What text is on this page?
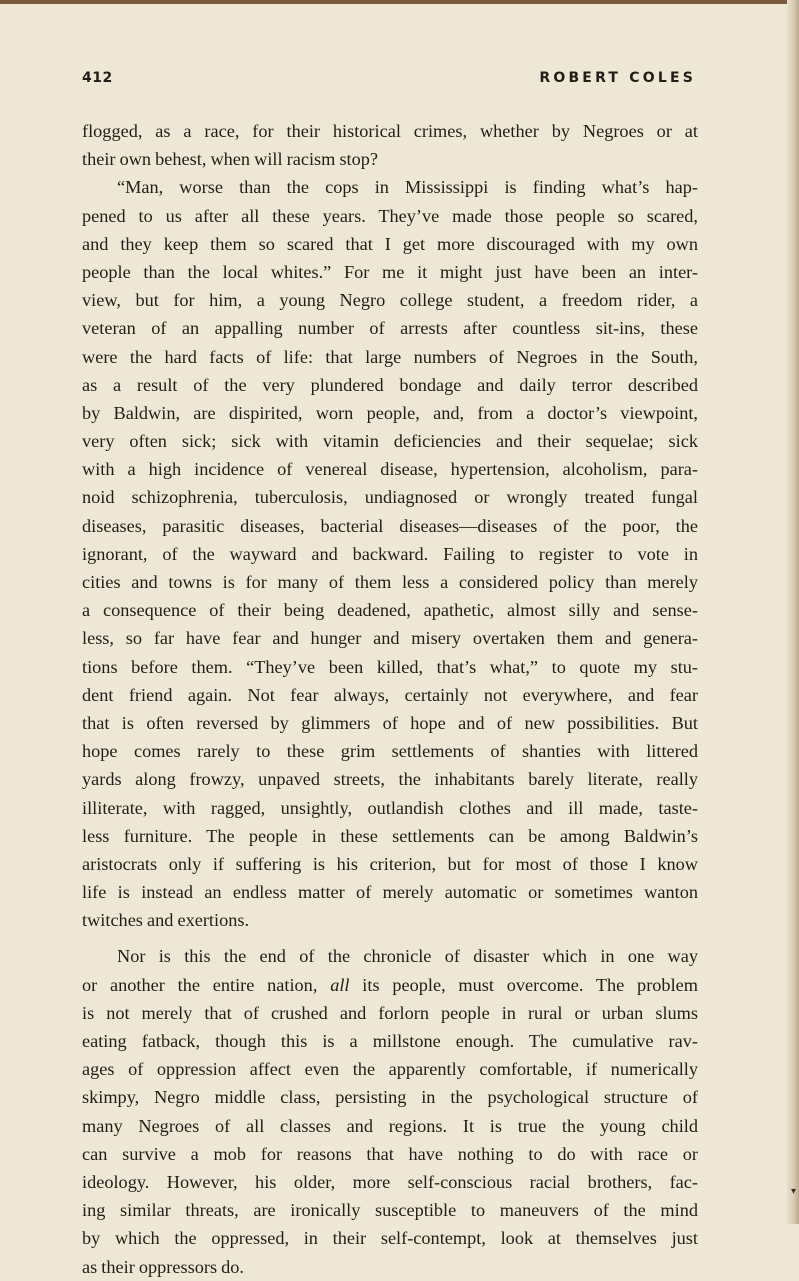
412	ROBERT COLES
flogged, as a race, for their historical crimes, whether by Negroes or at
their own behest, when will racism stop?
“Man, worse than the cops in Mississippi is finding what’s hap-
pened to us after all these years. They’ve made those people so scared,
and they keep them so scared that I get more discouraged with my own
people than the local whites.” For me it might just have been an inter-
view, but for him, a young Negro college student, a freedom rider, a
veteran of an appalling number of arrests after countless sit-ins, these
were the hard facts of life: that large numbers of Negroes in the South,
as a result of the very plundered bondage and daily terror described
by Baldwin, are dispirited, worn people, and, from a doctor’s viewpoint,
very often sick; sick with vitamin deficiencies and their sequelae; sick
with a high incidence of venereal disease, hypertension, alcoholism, para-
noid schizophrenia, tuberculosis, undiagnosed or wrongly treated fungal
diseases, parasitic diseases, bacterial diseases—diseases of the poor, the
ignorant, of the wayward and backward. Failing to register to vote in
cities and towns is for many of them less a considered policy than merely
a consequence of their being deadened, apathetic, almost silly and sense-
less, so far have fear and hunger and misery overtaken them and genera-
tions before them. “They’ve been killed, that’s what,” to quote my stu-
dent friend again. Not fear always, certainly not everywhere, and fear
that is often reversed by glimmers of hope and of new possibilities. But
hope comes rarely to these grim settlements of shanties with littered
yards along frowzy, unpaved streets, the inhabitants barely literate, really
illiterate, with ragged, unsightly, outlandish clothes and ill made, taste-
less furniture. The people in these settlements can be among Baldwin’s
aristocrats only if suffering is his criterion, but for most of those I know
life is instead an endless matter of merely automatic or sometimes wanton
twitches and exertions.
Nor is this the end of the chronicle of disaster which in one way
or another the entire nation, all its people, must overcome. The problem
is not merely that of crushed and forlorn people in rural or urban slums
eating fatback, though this is a millstone enough. The cumulative rav-
ages of oppression affect even the apparently comfortable, if numerically
skimpy, Negro middle class, persisting in the psychological structure of
many Negroes of all classes and regions. It is true the young child
can survive a mob for reasons that have nothing to do with race or
ideology. However, his older, more self-conscious racial brothers, fac-
ing similar threats, are ironically susceptible to maneuvers of the mind
by which the oppressed, in their self-contempt, look at themselves just
as their oppressors do.
▾
